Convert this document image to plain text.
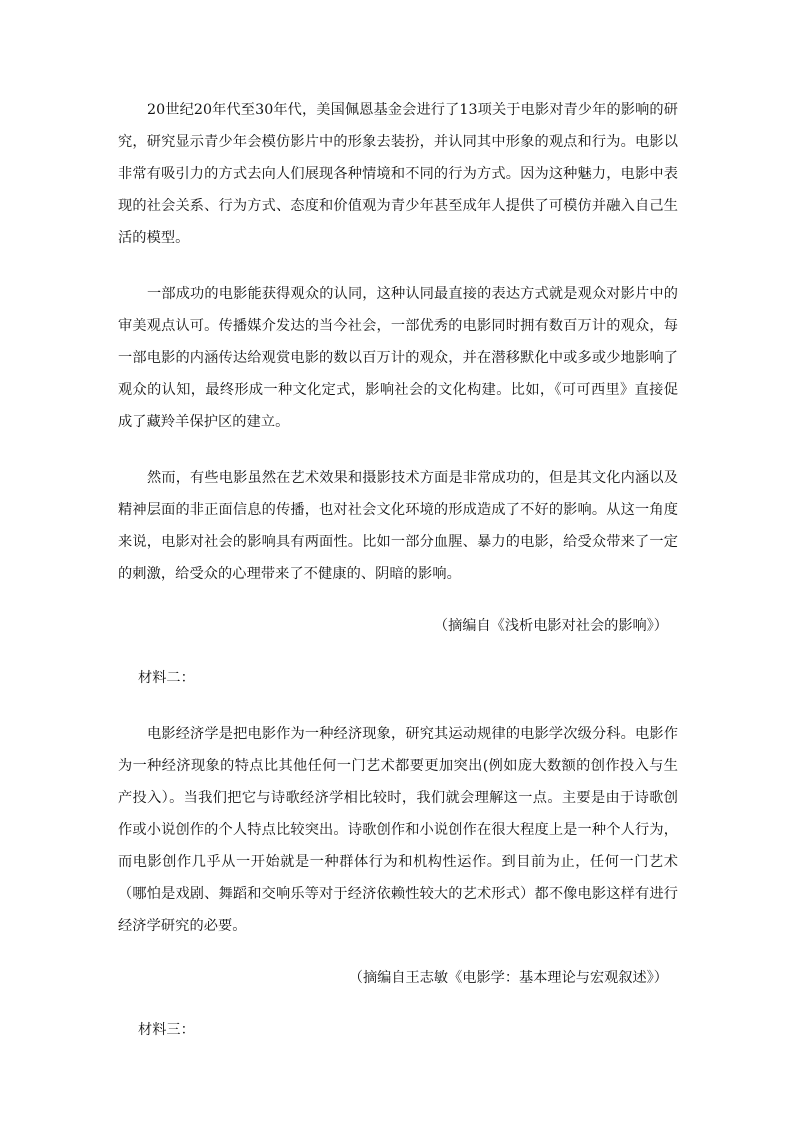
20世纪20年代至30年代，美国佩恩基金会进行了13项关于电影对青少年的影响的研究，研究显示青少年会模仿影片中的形象去装扮，并认同其中形象的观点和行为。电影以非常有吸引力的方式去向人们展现各种情境和不同的行为方式。因为这种魅力，电影中表现的社会关系、行为方式、态度和价值观为青少年甚至成年人提供了可模仿并融入自己生活的模型。

一部成功的电影能获得观众的认同，这种认同最直接的表达方式就是观众对影片中的审美观点认可。传播媒介发达的当今社会，一部优秀的电影同时拥有数百万计的观众，每一部电影的内涵传达给观赏电影的数以百万计的观众，并在潜移默化中或多或少地影响了观众的认知，最终形成一种文化定式，影响社会的文化构建。比如，《可可西里》直接促成了藏羚羊保护区的建立。

然而，有些电影虽然在艺术效果和摄影技术方面是非常成功的，但是其文化内涵以及精神层面的非正面信息的传播，也对社会文化环境的形成造成了不好的影响。从这一角度来说，电影对社会的影响具有两面性。比如一部分血腥、暴力的电影，给受众带来了一定的刺激，给受众的心理带来了不健康的、阴暗的影响。

（摘编自《浅析电影对社会的影响》）

材料二：

电影经济学是把电影作为一种经济现象，研究其运动规律的电影学次级分科。电影作为一种经济现象的特点比其他任何一门艺术都要更加突出(例如庞大数额的创作投入与生产投入）。当我们把它与诗歌经济学相比较时，我们就会理解这一点。主要是由于诗歌创作或小说创作的个人特点比较突出。诗歌创作和小说创作在很大程度上是一种个人行为，而电影创作几乎从一开始就是一种群体行为和机构性运作。到目前为止，任何一门艺术（哪怕是戏剧、舞蹈和交响乐等对于经济依赖性较大的艺术形式）都不像电影这样有进行经济学研究的必要。

（摘编自王志敏《电影学：基本理论与宏观叙述》）

材料三：
